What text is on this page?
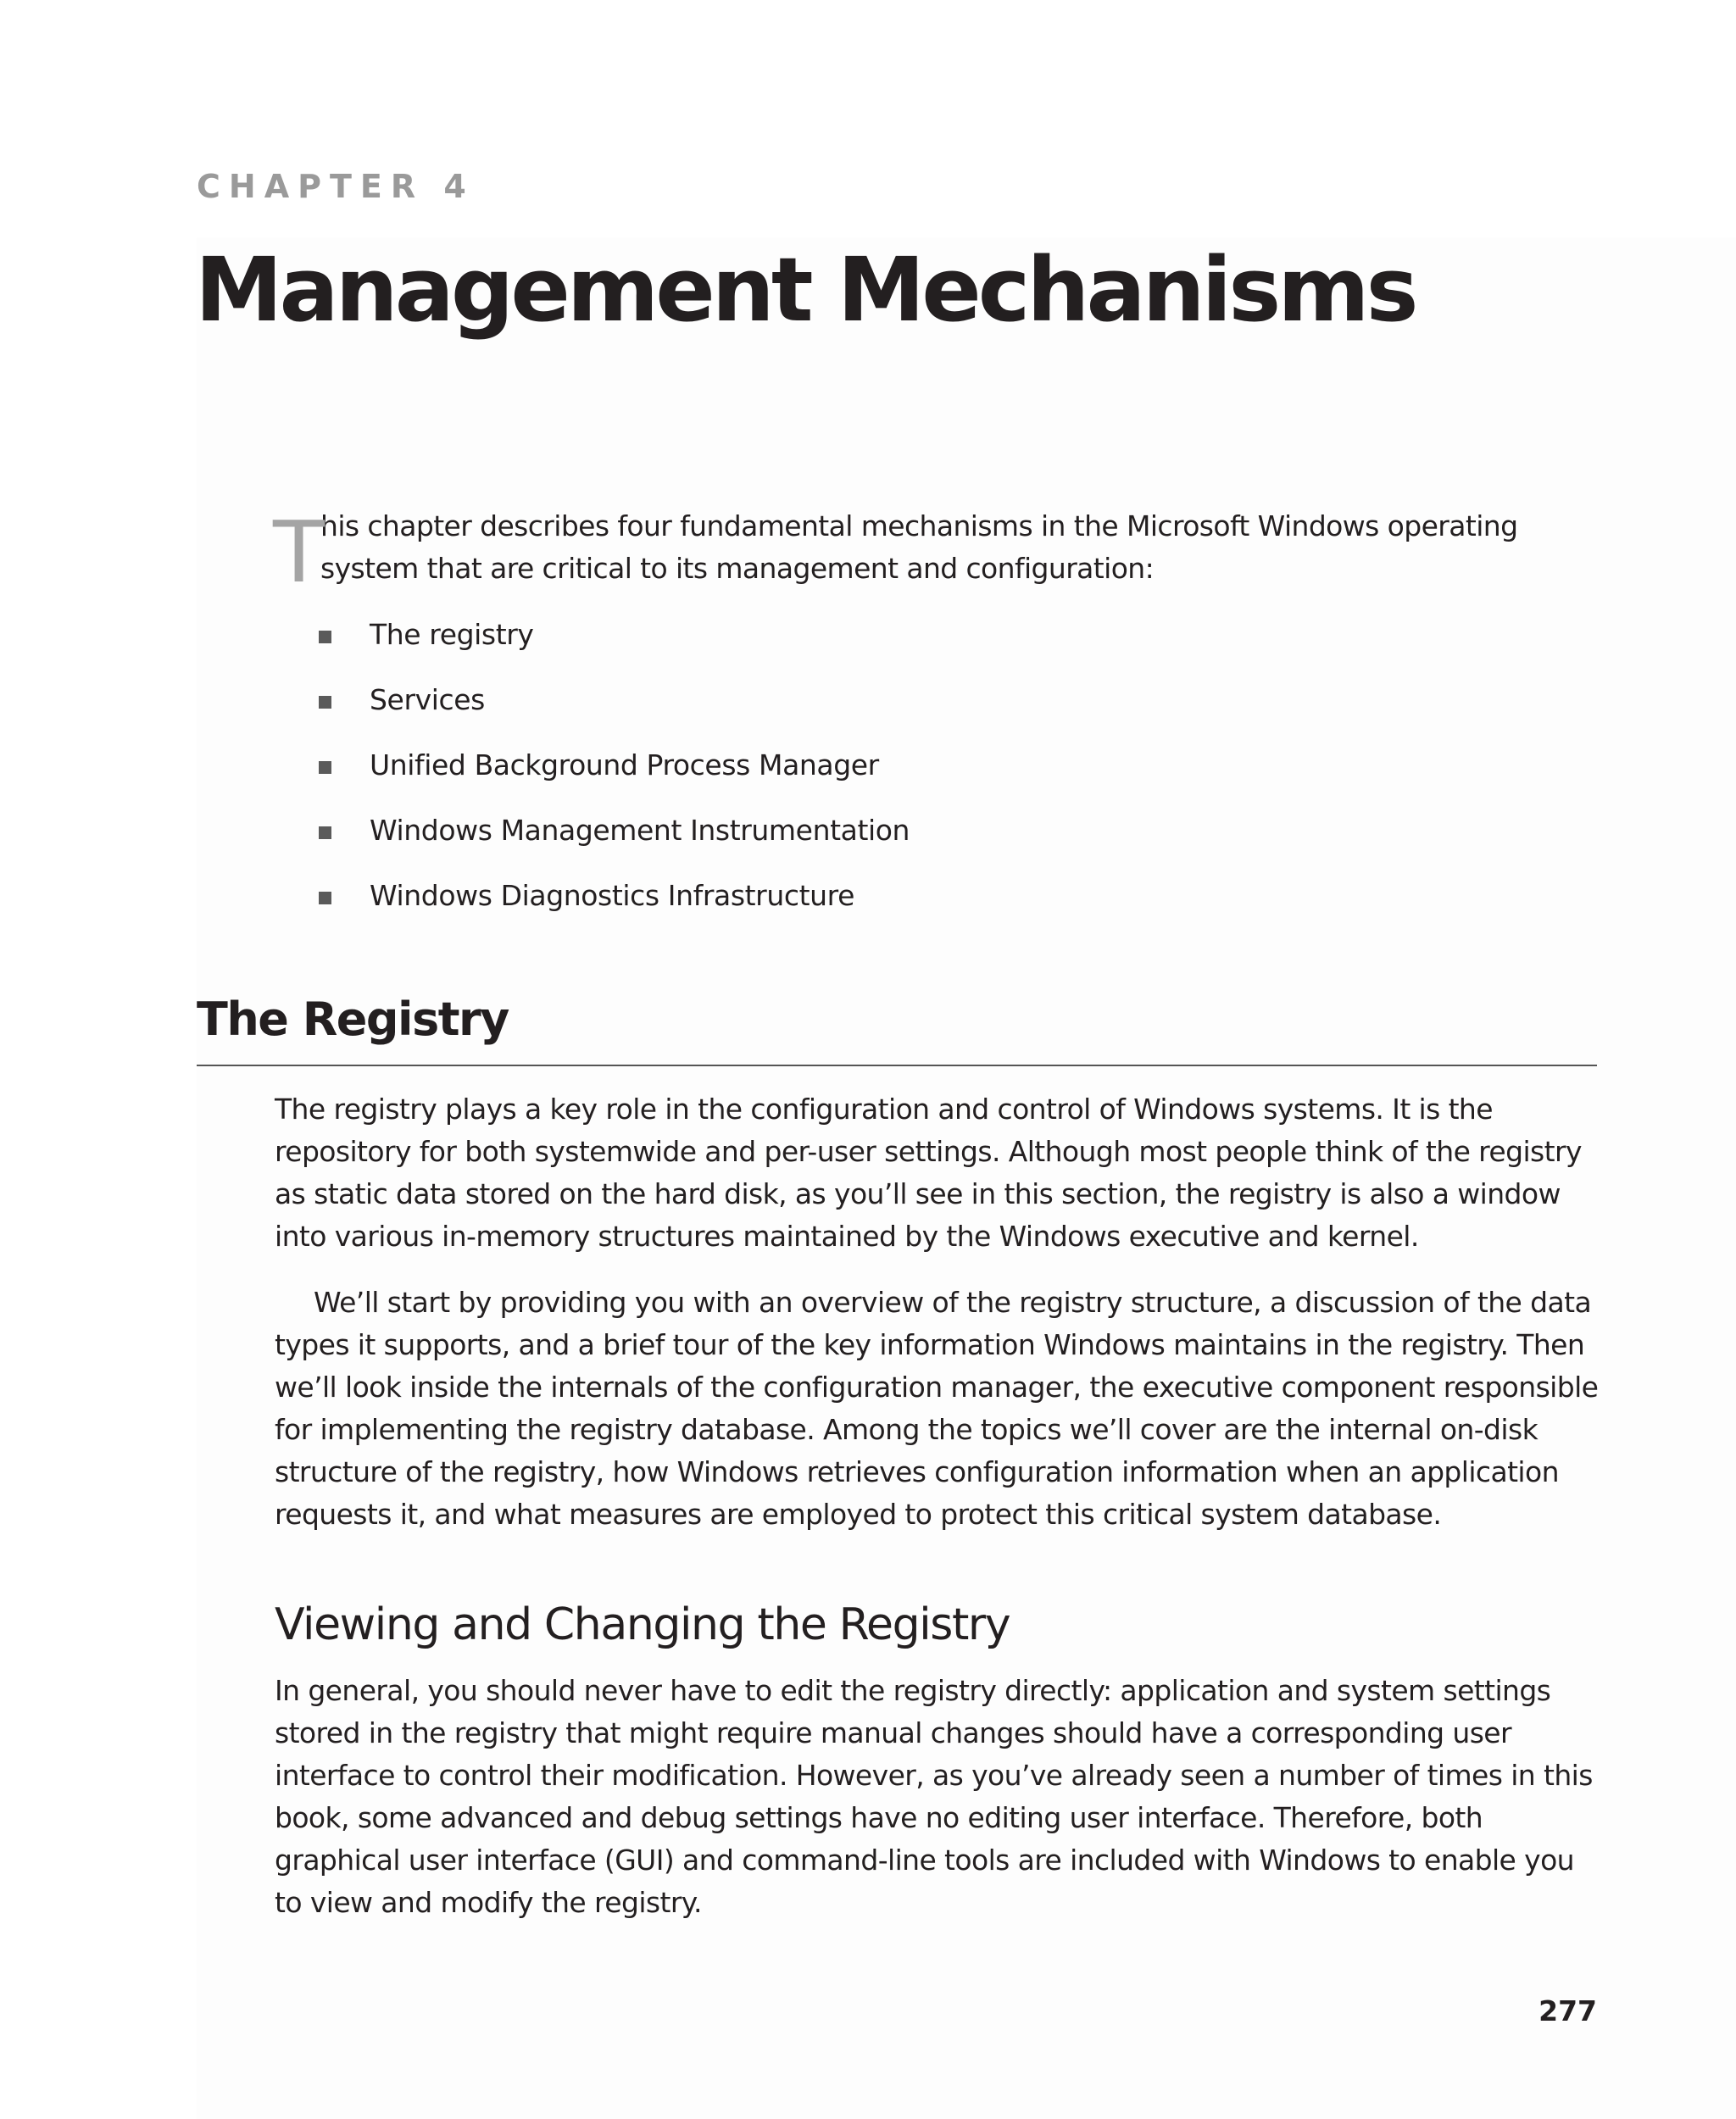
CHAPTER 4
Management Mechanisms
T

his chapter describes four fundamental mechanisms in the Microsoft Windows operating system that are critical to its management and configuration:

The registry
Services
Unified Background Process Manager
Windows Management Instrumentation
Windows Diagnostics Infrastructure
The Registry

The registry plays a key role in the configuration and control of Windows systems. It is the repository for both systemwide and per-user settings. Although most people think of the registry as static data stored on the hard disk, as you’ll see in this section, the registry is also a window into various in-memory structures maintained by the Windows executive and kernel.

We’ll start by providing you with an overview of the registry structure, a discussion of the data types it supports, and a brief tour of the key information Windows maintains in the registry. Then we’ll look inside the internals of the configuration manager, the executive component responsible for implementing the registry database. Among the topics we’ll cover are the internal on-disk structure of the registry, how Windows retrieves configuration information when an application requests it, and what measures are employed to protect this critical system database.

Viewing and Changing the Registry

In general, you should never have to edit the registry directly: application and system settings stored in the registry that might require manual changes should have a corresponding user interface to control their modification. However, as you’ve already seen a number of times in this book, some advanced and debug settings have no editing user interface. Therefore, both graphical user interface (GUI) and command-line tools are included with Windows to enable you to view and modify the registry.

277
